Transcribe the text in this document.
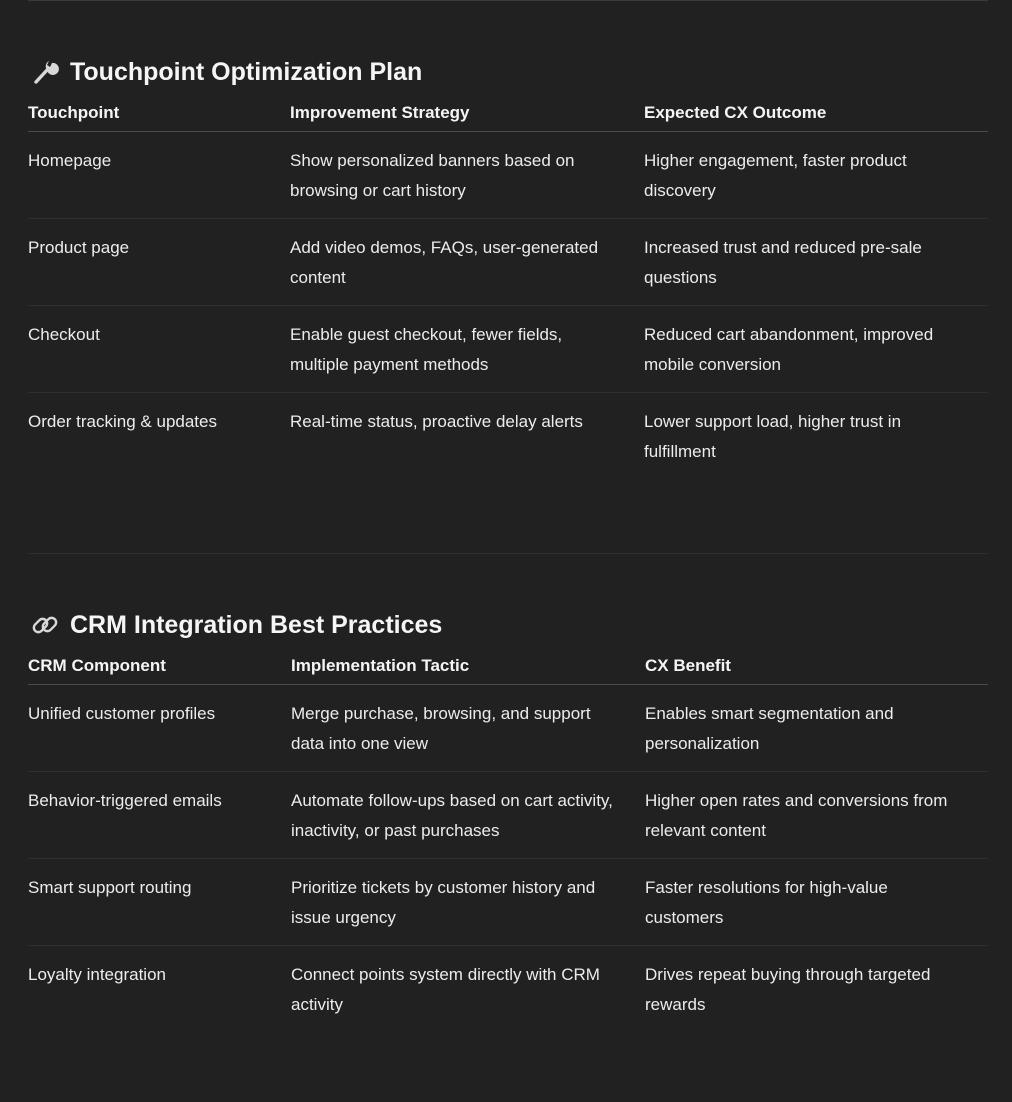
Touchpoint Optimization Plan
Touchpoint	Improvement Strategy	Expected CX Outcome
Homepage	Show personalized banners based on browsing or cart history	Higher engagement, faster product discovery
Product page	Add video demos, FAQs, user-generated content	Increased trust and reduced pre-sale questions
Checkout	Enable guest checkout, fewer fields, multiple payment methods	Reduced cart abandonment, improved mobile conversion
Order tracking & updates	Real-time status, proactive delay alerts	Lower support load, higher trust in fulfillment
CRM Integration Best Practices
CRM Component	Implementation Tactic	CX Benefit
Unified customer profiles	Merge purchase, browsing, and support data into one view	Enables smart segmentation and personalization
Behavior-triggered emails	Automate follow-ups based on cart activity, inactivity, or past purchases	Higher open rates and conversions from relevant content
Smart support routing	Prioritize tickets by customer history and issue urgency	Faster resolutions for high-value customers
Loyalty integration	Connect points system directly with CRM activity	Drives repeat buying through targeted rewards
